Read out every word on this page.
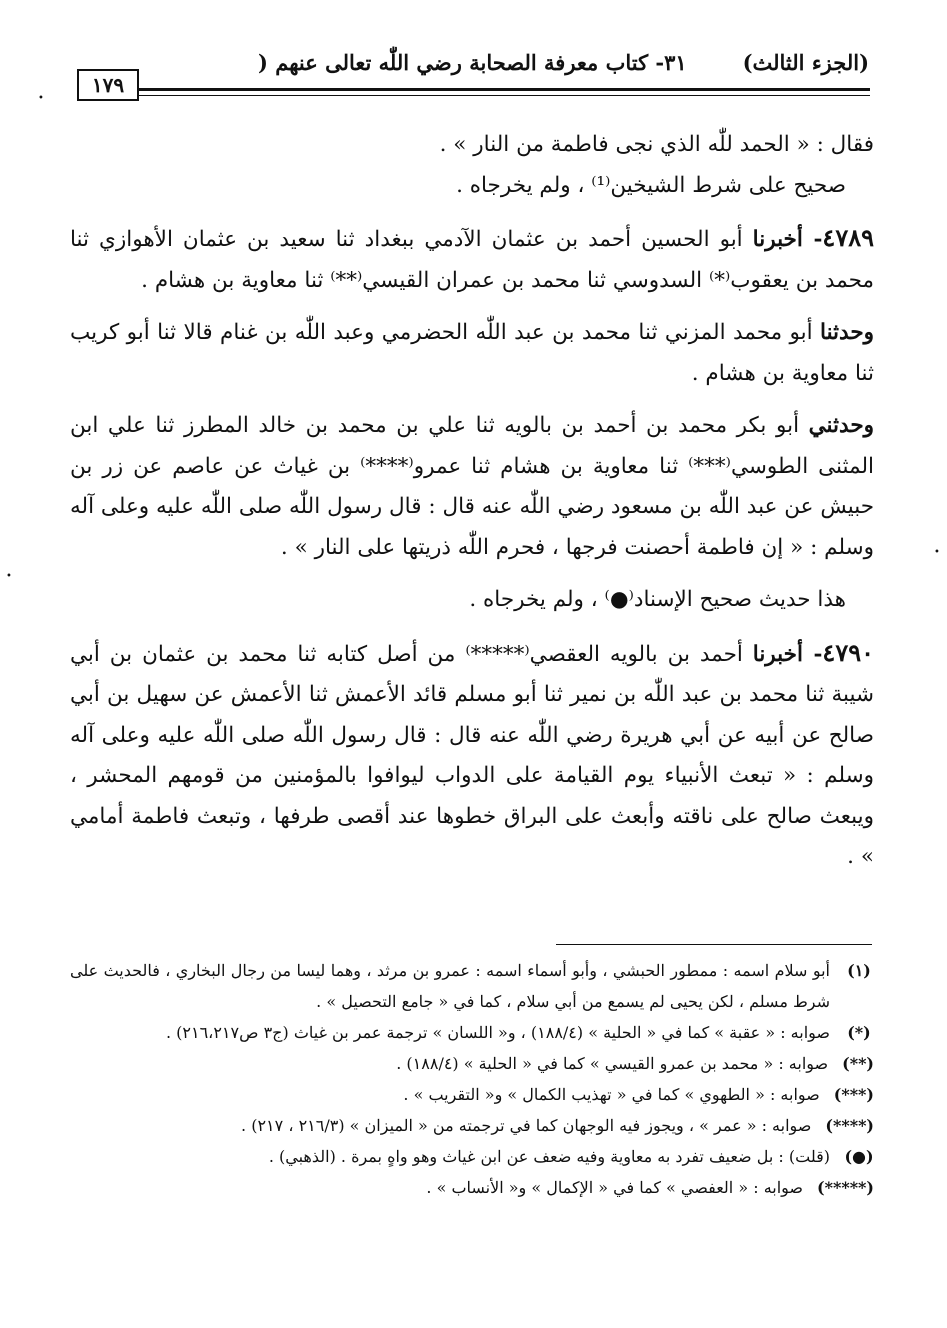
(الجزء الثالث)
٣١- كتاب معرفة الصحابة رضي اللّٰه تعالى عنهم (
١٧٩

فقال : « الحمد للّٰه الذي نجى فاطمة من النار » .

صحيح على شرط الشيخين⁽¹⁾ ، ولم يخرجاه .

٤٧٨٩- أخبرنا أبو الحسين أحمد بن عثمان الآدمي ببغداد ثنا سعيد بن عثمان الأهوازي ثنا محمد بن يعقوب⁽*⁾ السدوسي ثنا محمد بن عمران القيسي⁽**⁾ ثنا معاوية بن هشام .

وحدثنا أبو محمد المزني ثنا محمد بن عبد اللّٰه الحضرمي وعبد اللّٰه بن غنام قالا ثنا أبو كريب ثنا معاوية بن هشام .

وحدثني أبو بكر محمد بن أحمد بن بالويه ثنا علي بن محمد بن خالد المطرز ثنا علي ابن المثنى الطوسي⁽***⁾ ثنا معاوية بن هشام ثنا عمرو⁽****⁾ بن غياث عن عاصم عن زر بن حبيش عن عبد اللّٰه بن مسعود رضي اللّٰه عنه قال : قال رسول اللّٰه صلى اللّٰه عليه وعلى آله وسلم : « إن فاطمة أحصنت فرجها ، فحرم اللّٰه ذريتها على النار » .

هذا حديث صحيح الإسناد⁽●⁾ ، ولم يخرجاه .

٤٧٩٠- أخبرنا أحمد بن بالويه العقصي⁽*****⁾ من أصل كتابه ثنا محمد بن عثمان بن أبي شيبة ثنا محمد بن عبد اللّٰه بن نمير ثنا أبو مسلم قائد الأعمش ثنا الأعمش عن سهيل بن أبي صالح عن أبيه عن أبي هريرة رضي اللّٰه عنه قال : قال رسول اللّٰه صلى اللّٰه عليه وعلى آله وسلم : « تبعث الأنبياء يوم القيامة على الدواب ليوافوا بالمؤمنين من قومهم المحشر ، ويبعث صالح على ناقته وأبعث على البراق خطوها عند أقصى طرفها ، وتبعث فاطمة أمامي » .

(١)
أبو سلام اسمه : ممطور الحبشي ، وأبو أسماء اسمه : عمرو بن مرثد ، وهما ليسا من رجال البخاري ، فالحديث على شرط مسلم ، لكن يحيى لم يسمع من أبي سلام ، كما في « جامع التحصيل » .
(*)
صوابه : « عقبة » كما في « الحلية » (١٨٨/٤) ، و« اللسان » ترجمة عمر بن غياث (ج٣ ص٢١٦،٢١٧) .
(**)
صوابه : « محمد بن عمرو القيسي » كما في « الحلية » (١٨٨/٤) .
(***)
صوابه : « الطهوي » كما في « تهذيب الكمال » و« التقريب » .
(****)
صوابه : « عمر » ، ويجوز فيه الوجهان كما في ترجمته من « الميزان » (٢١٦/٣ ، ٢١٧) .
(●)
(قلت) : بل ضعيف تفرد به معاوية وفيه ضعف عن ابن غياث وهو واهٍ بمرة . (الذهبي) .
(*****)
صوابه : « العفصي » كما في « الإكمال » و« الأنساب » .
•
•
•
